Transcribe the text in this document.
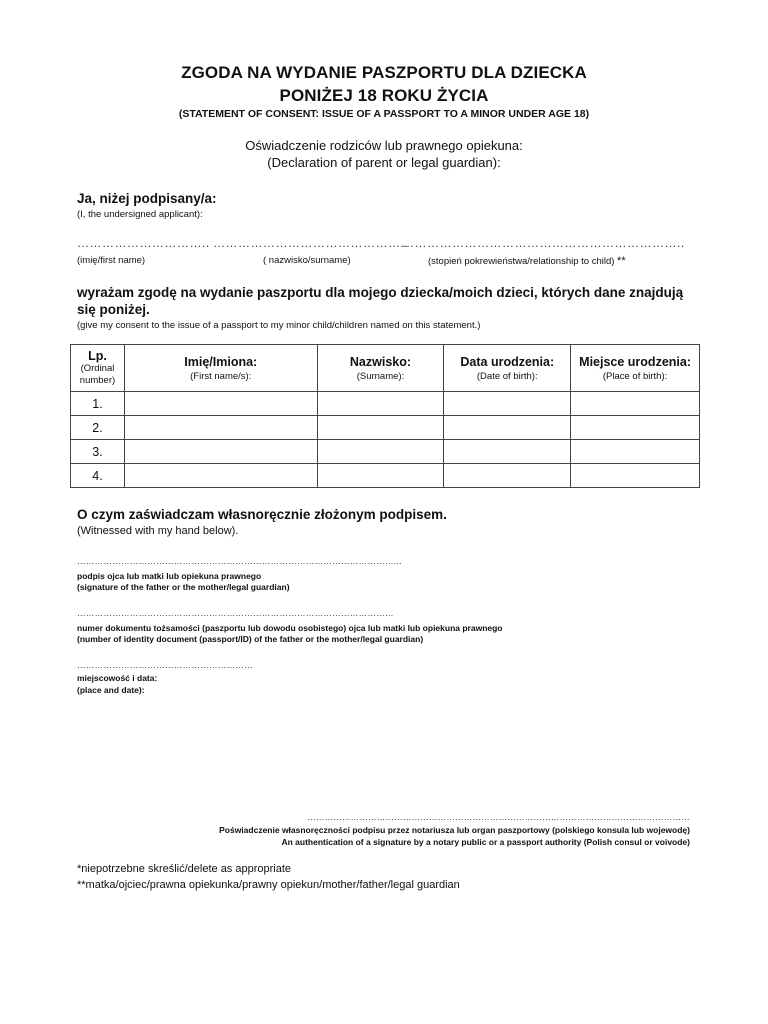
ZGODA NA WYDANIE PASZPORTU DLA DZIECKA
PONIŻEJ 18 ROKU ŻYCIA
(STATEMENT OF CONSENT: ISSUE OF A PASSPORT TO A MINOR UNDER AGE 18)
Oświadczenie rodziców lub prawnego opiekuna:
(Declaration of parent or legal guardian):
Ja, niżej podpisany/a:
(I, the undersigned applicant):
………………………….. ………………………………………..
…………………………………………………………..
(imię/first name)	( nazwisko/surname)	(stopień pokrewieństwa/relationship to child) **
wyrażam zgodę na wydanie paszportu dla mojego dziecka/moich dzieci, których dane znajdują
się poniżej.
(give my consent to the issue of a passport to my minor child/children named on this statement.)
Lp.
(Ordinal
number)	Imię/Imiona:
(First name/s):	Nazwisko:
(Surname):	Data urodzenia:
(Date of birth):	Miejsce urodzenia:
(Place of birth):

1.				
2.				
3.				
4.				
O czym zaświadczam własnoręcznie złożonym podpisem.
(Witnessed with my hand below).
………………………………………………………………………………………………...
podpis ojca lub matki lub opiekuna prawnego
(signature of the father or the mother/legal guardian)
………………………………………………………………………………………………
numer dokumentu tożsamości (paszportu lub dowodu osobistego) ojca lub matki lub opiekuna prawnego
(number of identity document (passport/ID) of the father or the mother/legal guardian)
……………………………………………………
miejscowość i data:
(place and date):
……………………………………………………………………………………………………………………
Poświadczenie własnoręczności podpisu przez notariusza lub organ paszportowy (polskiego konsula lub wojewodę)
An authentication of a signature by a notary public or a passport authority (Polish consul or voivode)
*niepotrzebne skreślić/delete as appropriate
**matka/ojciec/prawna opiekunka/prawny opiekun/mother/father/legal guardian
